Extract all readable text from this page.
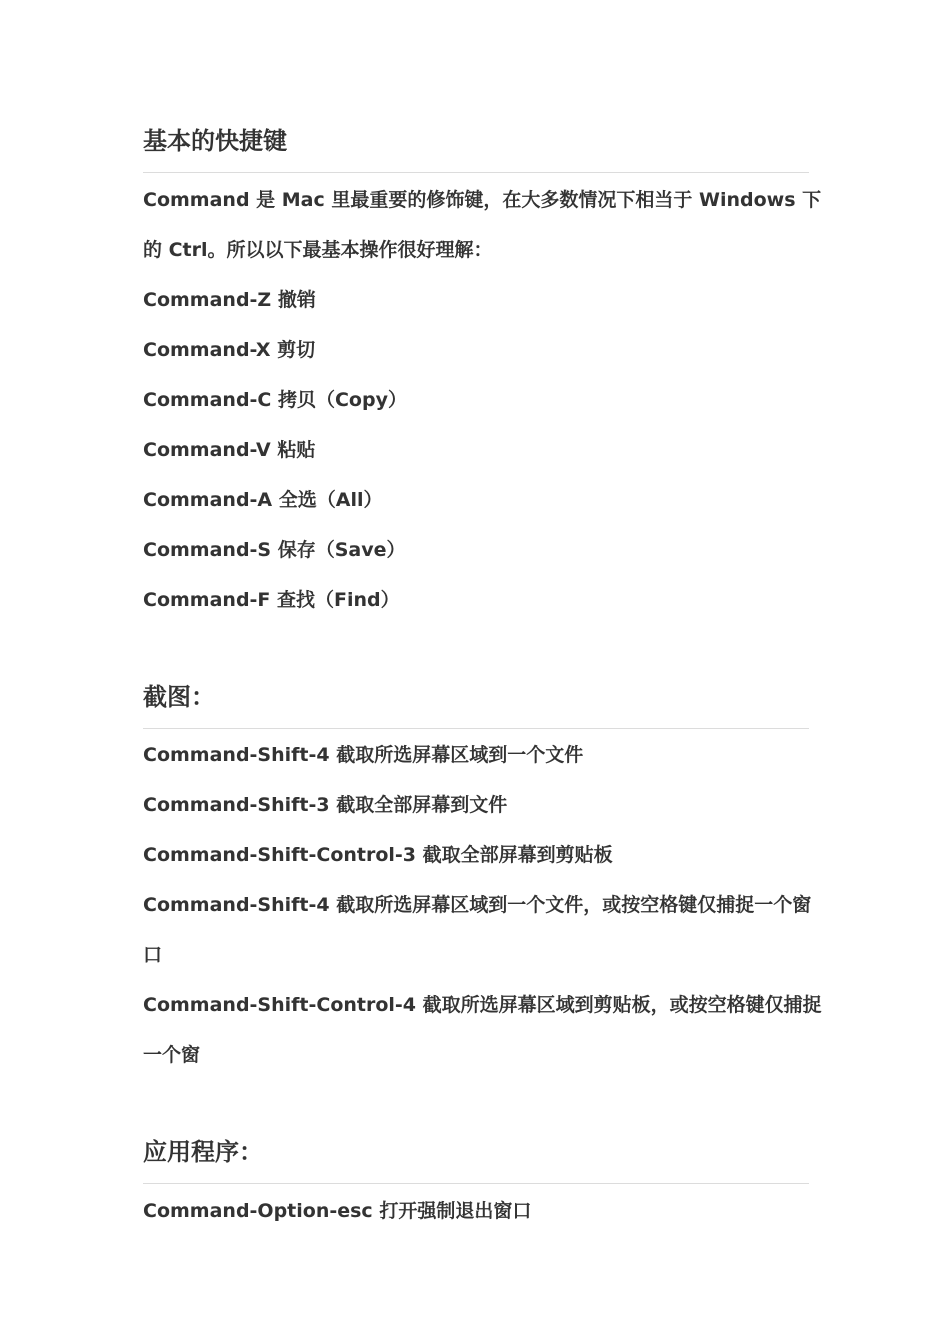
基本的快捷键
Command 是 Mac 里最重要的修饰键，在大多数情况下相当于 Windows 下
的 Ctrl。所以以下最基本操作很好理解：
Command-Z 撤销
Command-X 剪切
Command-C 拷贝（Copy）
Command-V 粘贴
Command-A 全选（All）
Command-S 保存（Save）
Command-F 查找（Find）
截图：
Command-Shift-4 截取所选屏幕区域到一个文件
Command-Shift-3 截取全部屏幕到文件
Command-Shift-Control-3 截取全部屏幕到剪贴板
Command-Shift-4 截取所选屏幕区域到一个文件，或按空格键仅捕捉一个窗
口
Command-Shift-Control-4 截取所选屏幕区域到剪贴板，或按空格键仅捕捉
一个窗
应用程序：
Command-Option-esc 打开强制退出窗口
